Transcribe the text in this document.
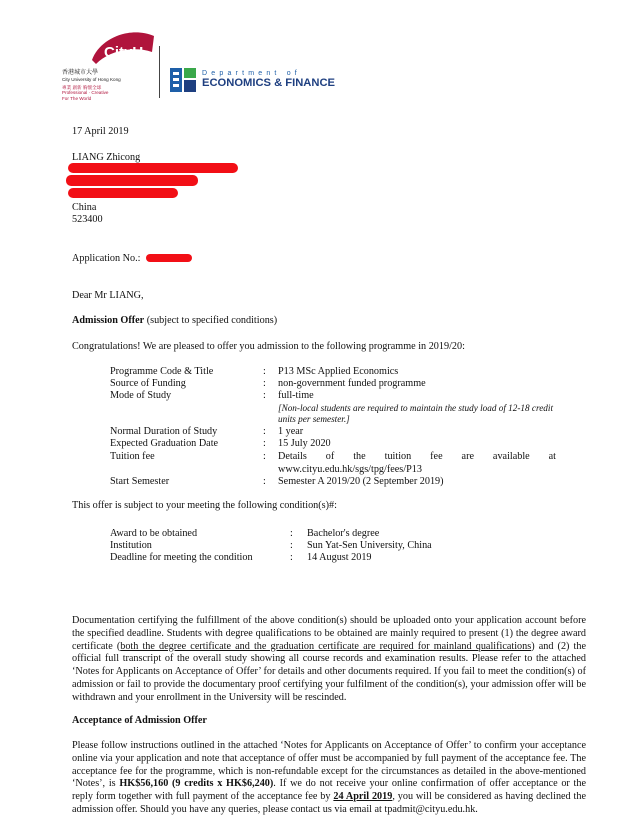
CityU
香港城市大學
City University of Hong Kong
專業 創新 胸懷全球
Professional · Creative
For The World
Department of
ECONOMICS & FINANCE
17 April 2019
LIANG Zhicong
China
523400
Application No.:
Dear Mr LIANG,
Admission Offer (subject to specified conditions)
Congratulations! We are pleased to offer you admission to the following programme in 2019/20:
Programme Code & Title	: P13 MSc Applied Economics
Source of Funding	: non-government funded programme
Mode of Study	: full-time
[Non-local students are required to maintain the study load of 12-18 credit units per semester.]
Normal Duration of Study	: 1 year
Expected Graduation Date	: 15 July 2020
Tuition fee	: Details of the tuition fee are available at www.cityu.edu.hk/sgs/tpg/fees/P13
Start Semester	: Semester A 2019/20 (2 September 2019)
This offer is subject to your meeting the following condition(s)#:
Award to be obtained	: Bachelor's degree
Institution	: Sun Yat-Sen University, China
Deadline for meeting the condition	: 14 August 2019
Documentation certifying the fulfillment of the above condition(s) should be uploaded onto your application account before the specified deadline. Students with degree qualifications to be obtained are mainly required to present (1) the degree award certificate (both the degree certificate and the graduation certificate are required for mainland qualifications) and (2) the official full transcript of the overall study showing all course records and examination results. Please refer to the attached ‘Notes for Applicants on Acceptance of Offer’ for details and other documents required. If you fail to meet the condition(s) of admission or fail to provide the documentary proof certifying your fulfilment of the condition(s), your admission offer will be withdrawn and your enrollment in the University will be rescinded.
Acceptance of Admission Offer
Please follow instructions outlined in the attached ‘Notes for Applicants on Acceptance of Offer’ to confirm your acceptance online via your application and note that acceptance of offer must be accompanied by full payment of the acceptance fee. The acceptance fee for the programme, which is non-refundable except for the circumstances as detailed in the above-mentioned ‘Notes’, is HK$56,160 (9 credits x HK$6,240). If we do not receive your online confirmation of offer acceptance or the reply form together with full payment of the acceptance fee by 24 April 2019, you will be considered as having declined the admission offer. Should you have any queries, please contact us via email at tpadmit@cityu.edu.hk.
